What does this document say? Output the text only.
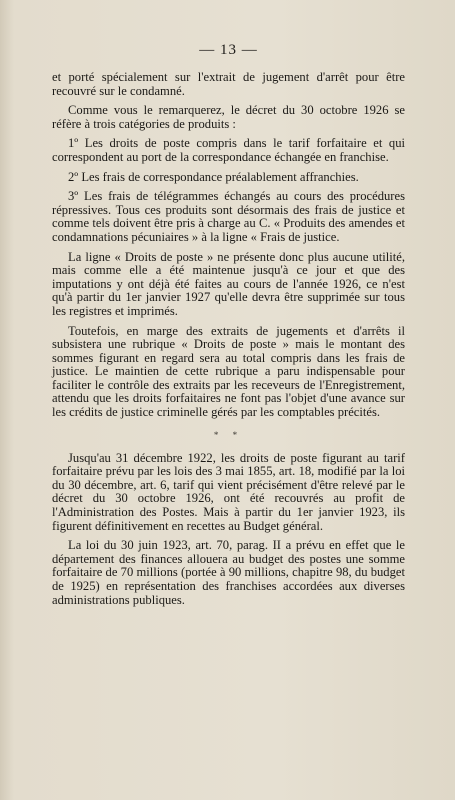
— 13 —

et porté spécialement sur l'extrait de jugement d'arrêt pour être recouvré sur le condamné.

Comme vous le remarquerez, le décret du 30 octobre 1926 se réfère à trois catégories de produits :

1º Les droits de poste compris dans le tarif forfaitaire et qui correspondent au port de la correspondance échangée en franchise.

2º Les frais de correspondance préalablement affranchies.

3º Les frais de télégrammes échangés au cours des procédures répressives. Tous ces produits sont désormais des frais de justice et comme tels doivent être pris à charge au C. « Produits des amendes et condamnations pécuniaires » à la ligne « Frais de justice.

La ligne « Droits de poste » ne présente donc plus aucune utilité, mais comme elle a été maintenue jusqu'à ce jour et que des imputations y ont déjà été faites au cours de l'année 1926, ce n'est qu'à partir du 1er janvier 1927 qu'elle devra être supprimée sur tous les registres et imprimés.

Toutefois, en marge des extraits de jugements et d'arrêts il subsistera une rubrique « Droits de poste » mais le montant des sommes figurant en regard sera au total compris dans les frais de justice. Le maintien de cette rubrique a paru indispensable pour faciliter le contrôle des extraits par les receveurs de l'Enregistrement, attendu que les droits forfaitaires ne font pas l'objet d'une avance sur les crédits de justice criminelle gérés par les comptables précités.

* *

Jusqu'au 31 décembre 1922, les droits de poste figurant au tarif forfaitaire prévu par les lois des 3 mai 1855, art. 18, modifié par la loi du 30 décembre, art. 6, tarif qui vient précisément d'être relevé par le décret du 30 octobre 1926, ont été recouvrés au profit de l'Administration des Postes. Mais à partir du 1er janvier 1923, ils figurent définitivement en recettes au Budget général.

La loi du 30 juin 1923, art. 70, parag. II a prévu en effet que le département des finances allouera au budget des postes une somme forfaitaire de 70 millions (portée à 90 millions, chapitre 98, du budget de 1925) en représentation des franchises accordées aux diverses administrations publiques.
